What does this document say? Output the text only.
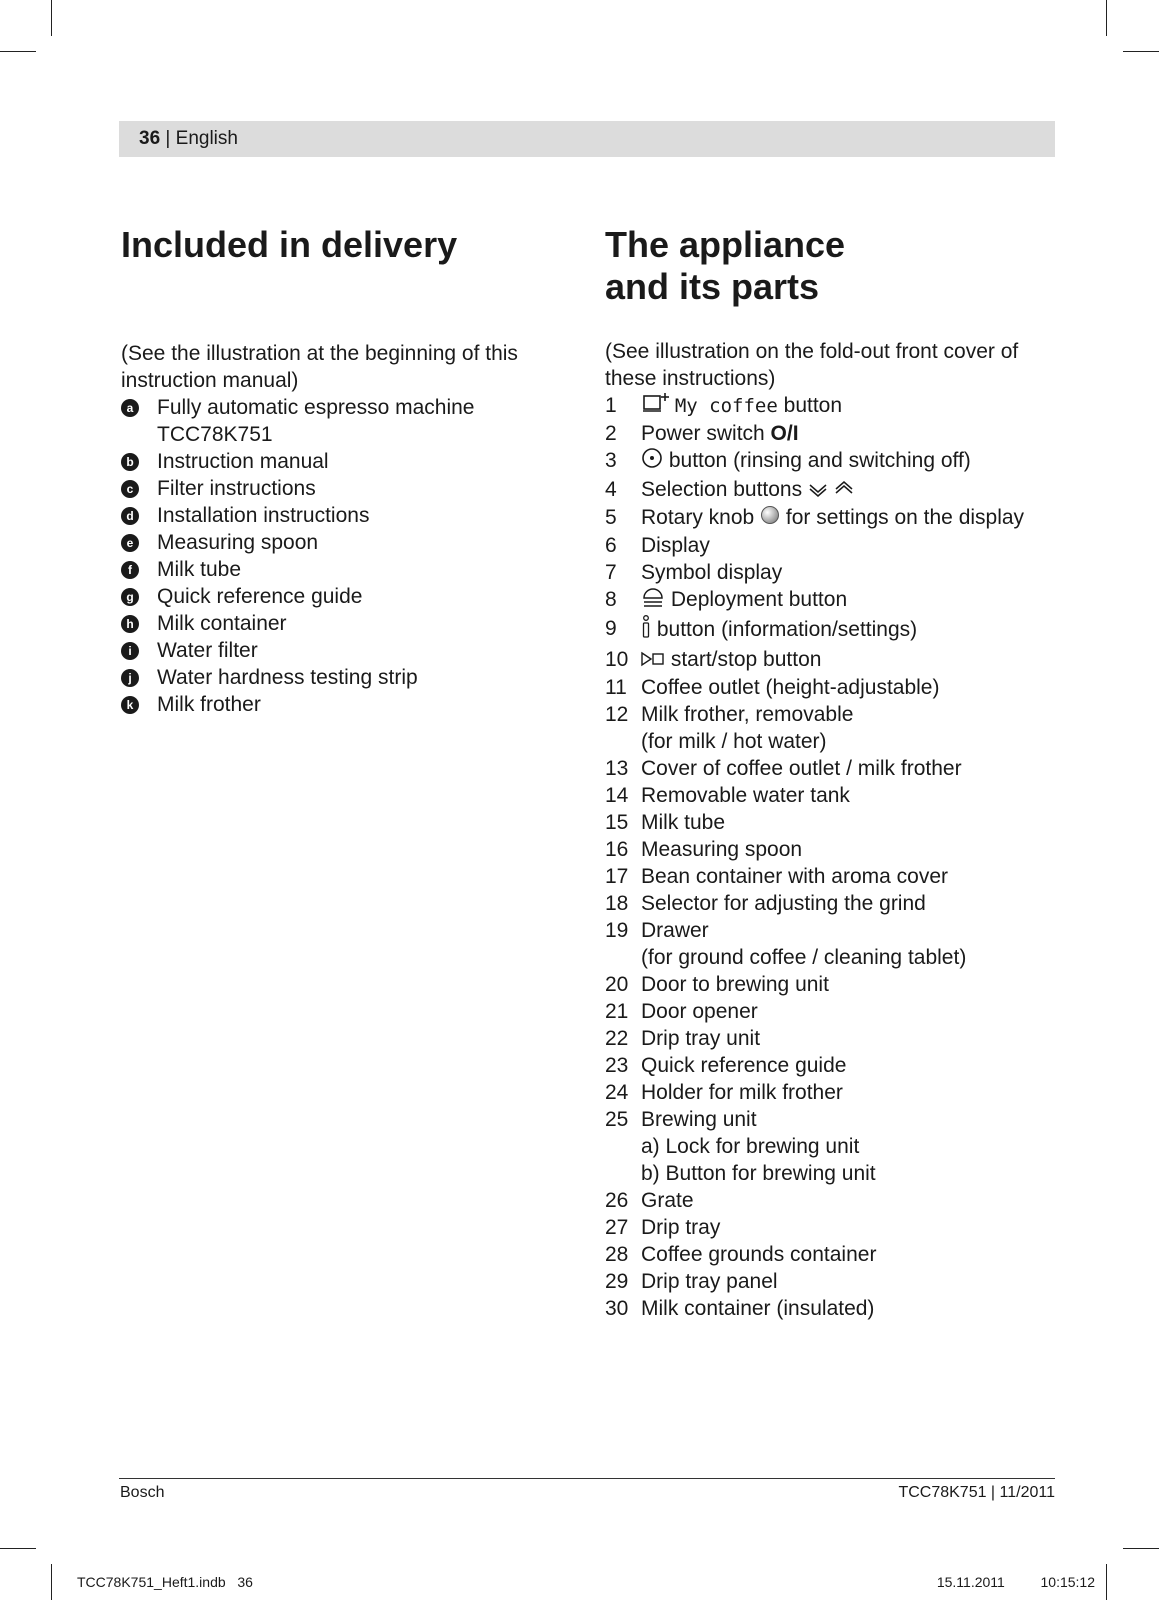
36 | English
Included in delivery

(See the illustration at the beginning of this instruction manual)

a Fully automatic espresso machine
TCC78K751
b Instruction manual
c Filter instructions
d Installation instructions
e Measuring spoon
f	Milk tube
g Quick reference guide
h Milk container
i	Water filter
j	Water hardness testing strip
k Milk frother
The appliance
and its parts

(See illustration on the fold-out front cover of these instructions)

1	My coffee button
2 Power switch O/I
3 button (rinsing and switching off)
4 Selection buttons
5 Rotary knob for settings on the display
6 Display
7 Symbol display
8	Deployment button
9 button (information/settings)
10 start/stop button
11 Coffee outlet (height-adjustable)
12 Milk frother, removable
(for milk / hot water)
13 Cover of coffee outlet / milk frother
14 Removable water tank
15 Milk tube
16 Measuring spoon
17 Bean container with aroma cover
18 Selector for adjusting the grind
19 Drawer
(for ground coffee / cleaning tablet)
20 Door to brewing unit
21 Door opener
22 Drip tray unit
23 Quick reference guide
24 Holder for milk frother
25 Brewing unit
a) Lock for brewing unit
b) Button for brewing unit
26 Grate
27 Drip tray
28 Coffee grounds container
29 Drip tray panel
30 Milk container (insulated)
Bosch	TCC78K751 | 11/2011
TCC78K751_Heft1.indb   36	15.11.2011   10:15:12
